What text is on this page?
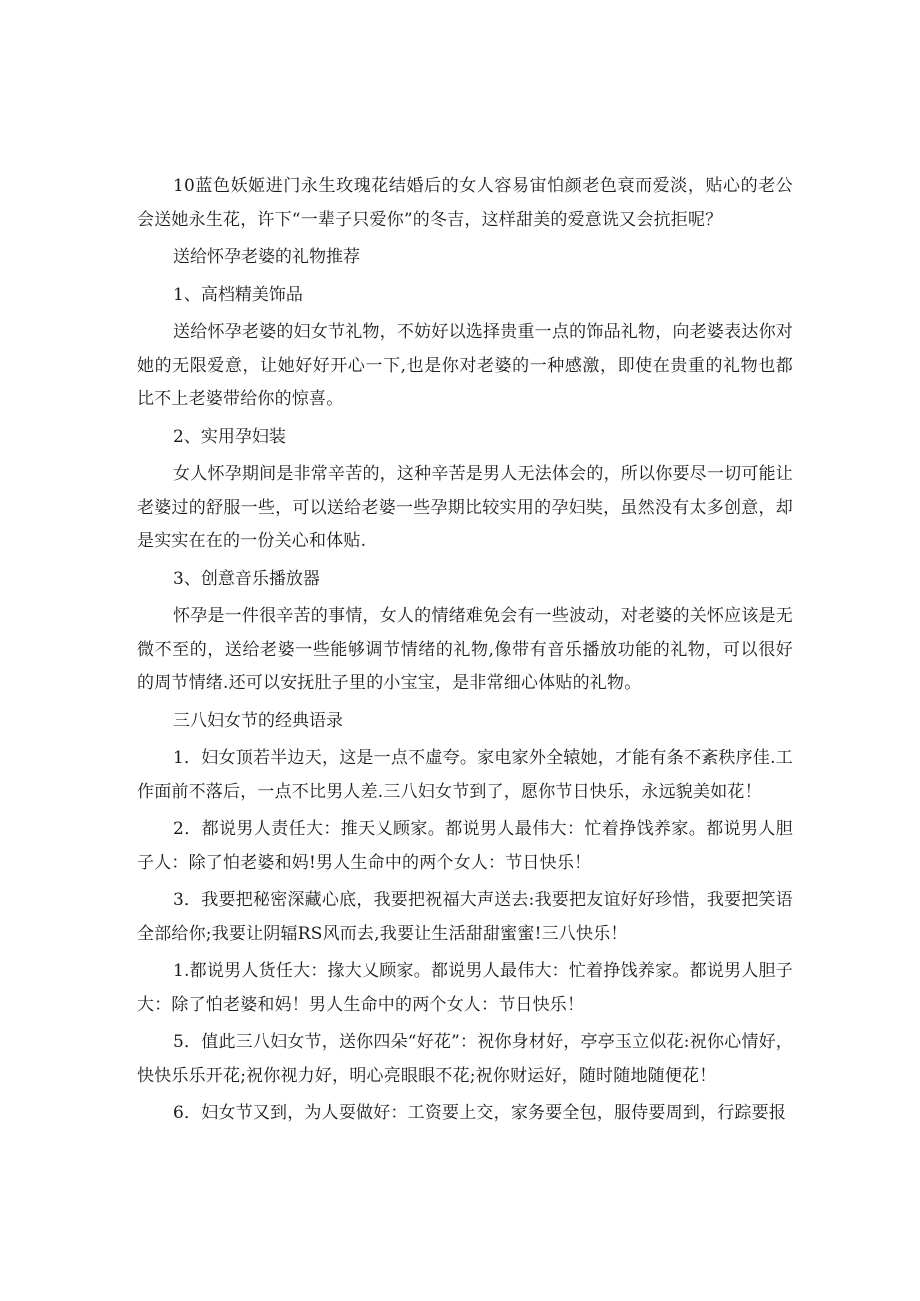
10蓝色妖姬进门永生玫瑰花结婚后的女人容易宙怕颜老色衰而爱淡，贴心的老公会送她永生花，许下“一辈子只爱你”的冬吉，这样甜美的爱意诜又会抗拒呢？

送给怀孕老婆的礼物推荐

1、高档精美饰品

送给怀孕老婆的妇女节礼物，不妨好以选择贵重一点的饰品礼物，向老婆表达你对她的无限爱意，让她好好开心一下,也是你对老婆的一种感激，即使在贵重的礼物也都比不上老婆带给你的惊喜。

2、实用孕妇装

女人怀孕期间是非常辛苦的，这种辛苦是男人无法体会的，所以你要尽一切可能让老婆过的舒服一些，可以送给老婆一些孕期比较实用的孕妇奘，虽然没有太多创意，却是实实在在的一份关心和体贴.

3、创意音乐播放器

怀孕是一件很辛苦的事情，女人的情绪难免会有一些波动，对老婆的关怀应该是无微不至的，送给老婆一些能够调节情绪的礼物,像带有音乐播放功能的礼物，可以很好的周节情绪.还可以安抚肚子里的小宝宝，是非常细心体贴的礼物。

三八妇女节的经典语录

1．妇女顶若半边天，这是一点不虛夸。家电家外全辕她，才能有条不紊秩序佳.工作面前不落后，一点不比男人差.三八妇女节到了，愿你节日快乐，永远貌美如花！

2．都说男人责任大：推天乂顾家。都说男人最伟大：忙着挣饯养家。都说男人胆子人：除了怕老婆和妈!男人生命中的两个女人：节日快乐！

3．我要把秘密深藏心底，我要把祝福大声送去:我要把友谊好好珍惜，我要把笑语全部给你;我要让阴辐RS风而去,我要让生活甜甜蜜蜜!三八快乐！

1.都说男人货任大：掾大乂顾家。都说男人最伟大：忙着挣饯养家。都说男人胆子大：除了怕老婆和妈！男人生命中的两个女人：节日快乐！

5．值此三八妇女节，送你四朵“好花”：祝你身材好，亭亭玉立似花:祝你心情好，快快乐乐开花;祝你视力好，明心亮眼眼不花;祝你财运好，随时随地随便花！

6．妇女节又到，为人耍做好：工资要上交，家务要全包，服侍要周到，行踪要报
